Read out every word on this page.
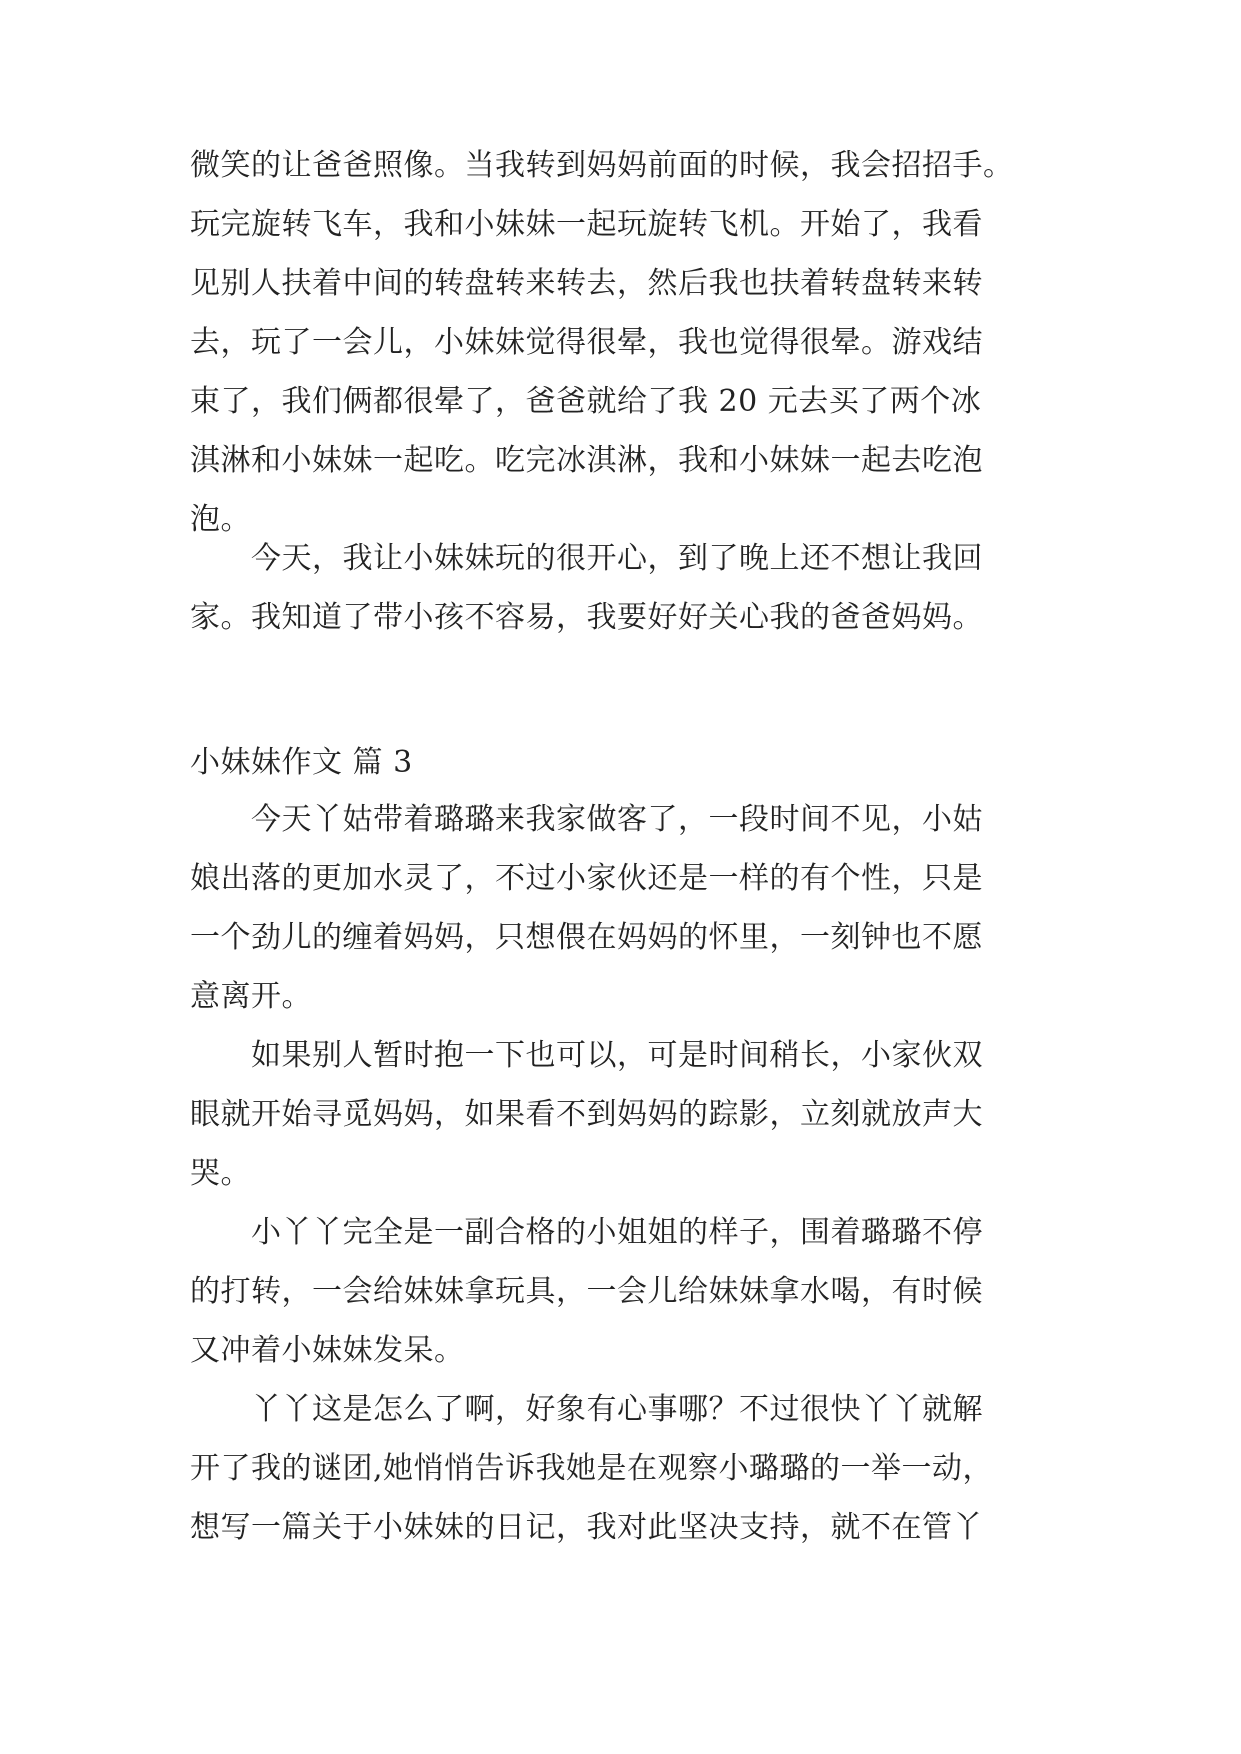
微笑的让爸爸照像。当我转到妈妈前面的时候，我会招招手。
玩完旋转飞车，我和小妹妹一起玩旋转飞机。开始了，我看
见别人扶着中间的转盘转来转去，然后我也扶着转盘转来转
去，玩了一会儿，小妹妹觉得很晕，我也觉得很晕。游戏结
束了，我们俩都很晕了，爸爸就给了我 20 元去买了两个冰
淇淋和小妹妹一起吃。吃完冰淇淋，我和小妹妹一起去吃泡
泡。
　　今天，我让小妹妹玩的很开心，到了晚上还不想让我回
家。我知道了带小孩不容易，我要好好关心我的爸爸妈妈。
小妹妹作文 篇 3
　　今天丫姑带着璐璐来我家做客了，一段时间不见，小姑
娘出落的更加水灵了，不过小家伙还是一样的有个性，只是
一个劲儿的缠着妈妈，只想偎在妈妈的怀里，一刻钟也不愿
意离开。
　　如果别人暂时抱一下也可以，可是时间稍长，小家伙双
眼就开始寻觅妈妈，如果看不到妈妈的踪影，立刻就放声大
哭。
　　小丫丫完全是一副合格的小姐姐的样子，围着璐璐不停
的打转，一会给妹妹拿玩具，一会儿给妹妹拿水喝，有时候
又冲着小妹妹发呆。
　　丫丫这是怎么了啊，好象有心事哪？不过很快丫丫就解
开了我的谜团,她悄悄告诉我她是在观察小璐璐的一举一动，
想写一篇关于小妹妹的日记，我对此坚决支持，就不在管丫
